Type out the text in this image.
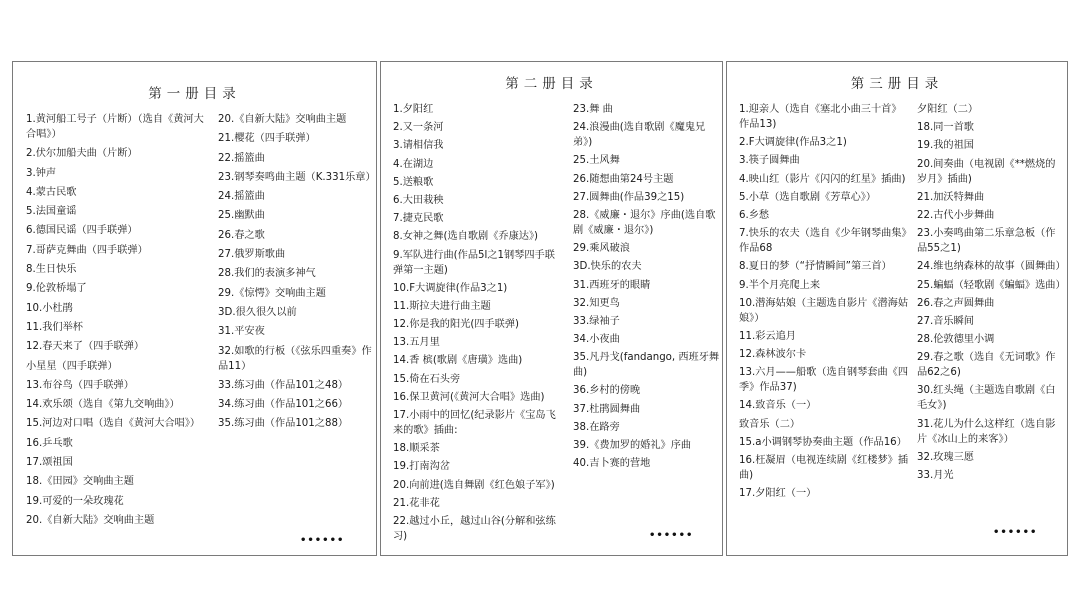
第一册目录
1.黄河船工号子（片断）（选自《黄河大合唱》）
2.伏尔加船夫曲（片断）
3.钟声
4.蒙古民歌
5.法国童谣
6.德国民谣（四手联弹）
7.哥萨克舞曲（四手联弹）
8.生日快乐
9.伦敦桥塌了
10.小杜鹃
11.我们举杯
12.春天来了（四手联弹）
小星星（四手联弹）
13.布谷鸟（四手联弹）
14.欢乐颂（选自《第九交响曲》）
15.河边对口唱（选自《黄河大合唱》）
16.乒乓歌
17.颂祖国
18.《田园》交响曲主题
19.可爱的一朵玫瑰花
20.《自新大陆》交响曲主题
20.《自新大陆》交响曲主题
21.樱花（四手联弹）
22.摇篮曲
23.钢琴奏鸣曲主题（K.331乐章）
24.摇篮曲
25.幽默曲
26.春之歌
27.俄罗斯歌曲
28.我们的表演多神气
29.《惊愕》交响曲主题
3D.很久很久以前
31.平安夜
32.如歌的行板（《弦乐四重奏》作品11）
33.练习曲（作品101之48）
34.练习曲（作品101之66）
35.练习曲（作品101之88）
••••••
第二册目录
1.夕阳红
2.又一条河
3.请相信我
4.在湖边
5.送粮歌
6.大田栽秧
7.捷克民歌
8.女神之舞(选自歌剧《乔康达》)
9.军队进行曲(作品5l之1钢琴四手联弹第一主题)
10.F大调旋律(作品3之1)
11.斯拉夫进行曲主题
12.你是我的阳光(四手联弹)
13.五月里
14.香 槟(歌剧《唐璜》选曲)
15.倚在石头旁
16.保卫黄河(《黄河大合唱》选曲)
17.小雨中的回忆(纪录影片《宝岛飞来的歌》插曲:
18.顺采茶
19.打南沟岔
20.向前进(选自舞剧《红色娘子军》)
21.花非花
22.越过小丘，越过山谷(分解和弦练习)
23.舞 曲
24.浪漫曲(选自歌剧《魔鬼兄弟》)
25.土风舞
26.随想曲第24号主题
27.圆舞曲(作品39之15)
28.《威廉・退尔》序曲(选自歌剧《威廉・退尔》)
29.乘风破浪
3D.快乐的农夫
31.西班牙的眼睛
32.知更鸟
33.绿袖子
34.小夜曲
35.凡丹戈(fandango, 西班牙舞曲)
36.乡村的傍晚
37.杜鹃圆舞曲
38.在路旁
39.《费加罗的婚礼》序曲
40.吉卜赛的营地
••••••
第三册目录
1.迎亲人（选自《塞北小曲三十首》作品13)
2.F大调旋律(作品3之1)
3.筷子圆舞曲
4.映山红（影片《闪闪的红星》插曲)
5.小草（选自歌剧《芳草心》）
6.乡愁
7.快乐的农夫（选自《少年钢琴曲集》作品68
8.夏日的梦（“抒情瞬间”第三首）
9.半个月亮爬上来
10.潜海姑娘（主题选自影片《潜海姑娘》）
11.彩云追月
12.森林波尔卡
13.六月——船歌（选自钢琴套曲《四季》作品37)
14.致音乐（一）
致音乐（二）
15.a小调钢琴协奏曲主题（作品16）
16.枉凝眉（电视连续剧《红楼梦》插曲)
17.夕阳红（一）
夕阳红（二）
18.同一首歌
19.我的祖国
20.间奏曲（电视剧《**燃烧的岁月》插曲)
21.加沃特舞曲
22.古代小步舞曲
23.小奏鸣曲第二乐章急板（作品55之1)
24.维也纳森林的故事（圆舞曲）
25.蝙蝠（轻歌剧《蝙蝠》选曲）
26.春之声圆舞曲
27.音乐瞬间
28.伦敦德里小调
29.春之歌（选自《无词歌》作品62之6)
30.红头绳（主题选自歌剧《白毛女》)
31.花儿为什么这样红（选自影片《冰山上的来客》）
32.玫瑰三愿
33.月光
••••••
